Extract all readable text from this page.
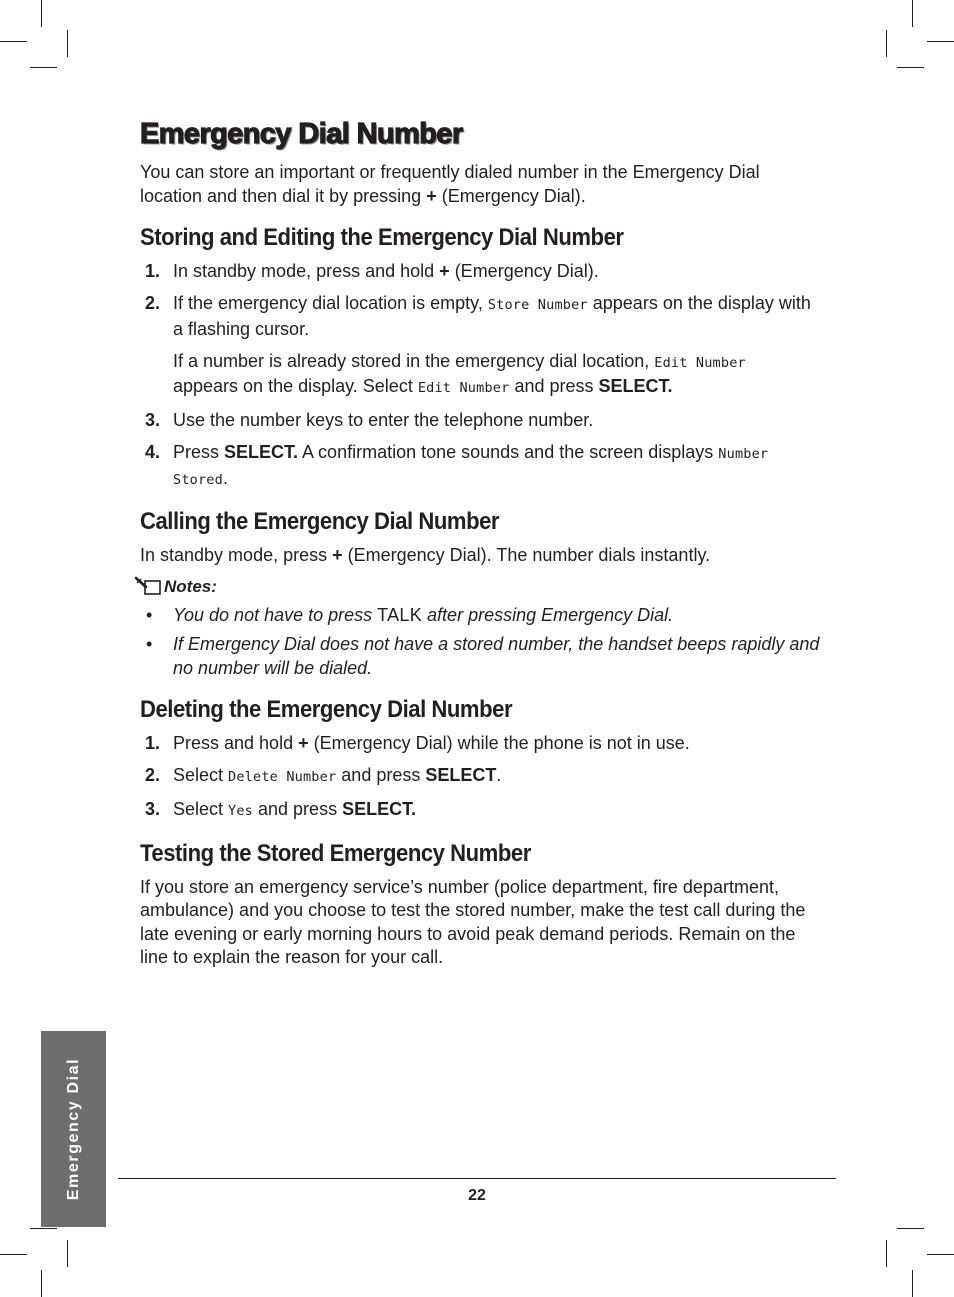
Emergency Dial Number

You can store an important or frequently dialed number in the Emergency Dial location and then dial it by pressing + (Emergency Dial).

Storing and Editing the Emergency Dial Number
1. In standby mode, press and hold + (Emergency Dial).
2. If the emergency dial location is empty, Store Number appears on the display with a flashing cursor.
If a number is already stored in the emergency dial location, Edit Number
appears on the display. Select Edit Number and press SELECT.
3. Use the number keys to enter the telephone number.
4. Press SELECT. A confirmation tone sounds and the screen displays Number Stored.
Calling the Emergency Dial Number

In standby mode, press + (Emergency Dial). The number dials instantly.

Notes:
• You do not have to press TALK after pressing Emergency Dial.
• If Emergency Dial does not have a stored number, the handset beeps rapidly and no number will be dialed.
Deleting the Emergency Dial Number
1. Press and hold + (Emergency Dial) while the phone is not in use.
2. Select Delete Number and press SELECT.
3. Select Yes and press SELECT.
Testing the Stored Emergency Number

If you store an emergency service’s number (police department, fire department, ambulance) and you choose to test the stored number, make the test call during the late evening or early morning hours to avoid peak demand periods. Remain on the line to explain the reason for your call.

Emergency Dial	22
